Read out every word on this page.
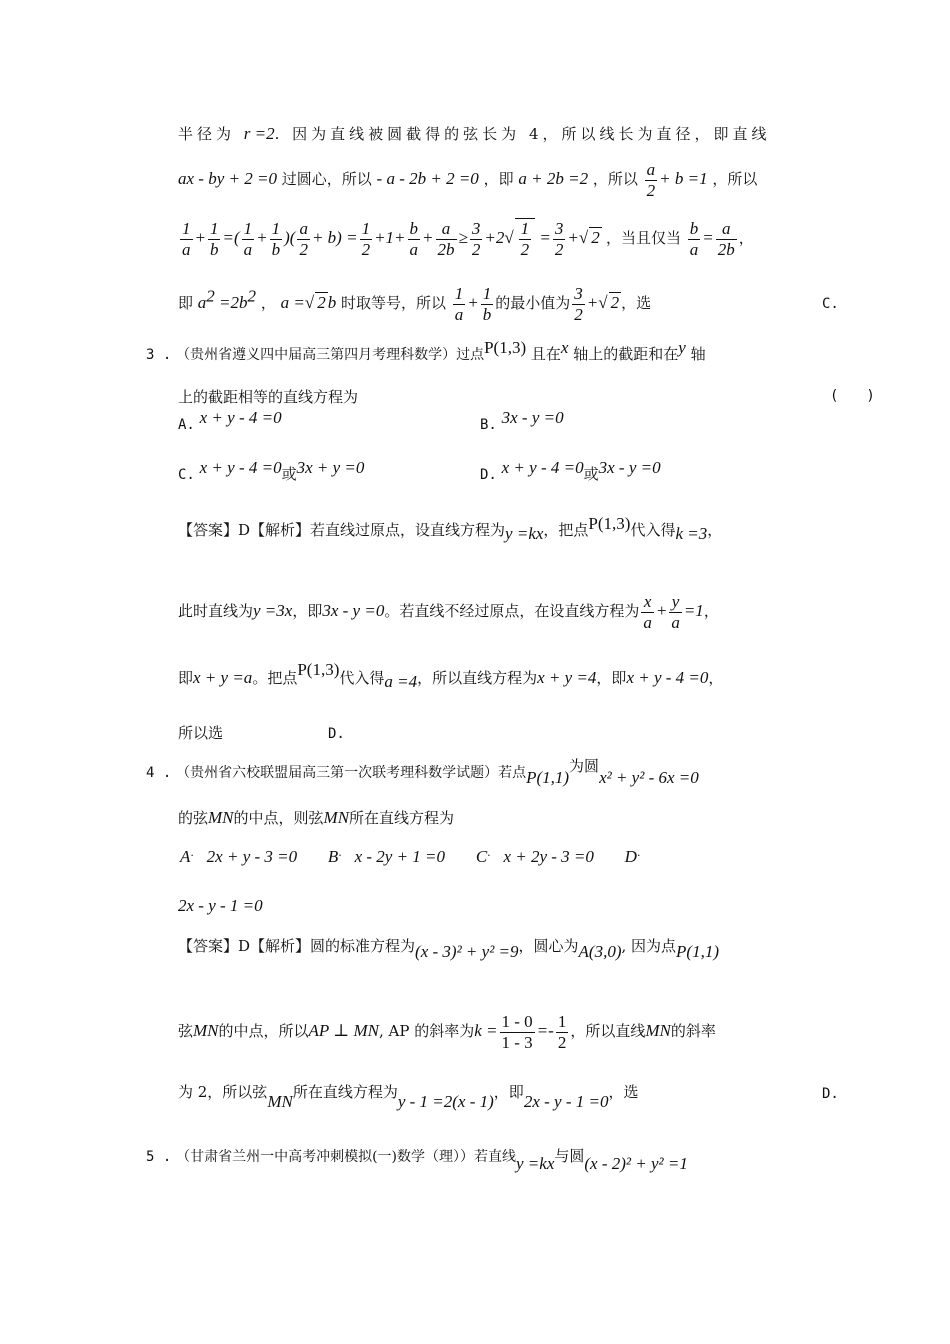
半径为 r =2. 因为直线被圆截得的弦长为 4，所以线长为直径，即直线
ax - by + 2 =0 过圆心，所以 - a - 2b + 2 =0 ，即 a + 2b =2 ，所以 $\frac{a}{2} + b =1$ ，所以
$\frac{1}{a} + \frac{1}{b}$ =( $\frac{1}{a} + \frac{1}{b}$ )( $\frac{a}{2} + b) = \frac{1}{2} +1+ \frac{b}{a} + \frac{a}{2b} \ge \frac{3}{2} +2√ \frac{1}{2} = \frac{3}{2}$ +√ 2 ，当且仅当 $\frac{b}{a} = \frac{a}{2b}$ ，
即 $a^2 =2b^2$ ， a =√ 2 b 时取等号，所以 $\frac{1}{a} + \frac{1}{b}$ 的最小值为 $\frac{3}{2}$ +√ 2 ，选	C.
3 . （贵州省遵义四中届高三第四月考理科数学）过点P(1,3) 且在x 轴上的截距和在y 轴
上的截距相等的直线方程为	(　　)
A. x + y - 4 =0	B. 3x - y =0
C. x + y - 4 =0或3x + y =0	D. x + y - 4 =0或3x - y =0
【答案】D【解析】若直线过原点，设直线方程为y =kx，把点P(1,3)代入得k =3，
此时直线为y =3x，即3x - y =0。若直线不经过原点，在设直线方程为 $\frac{x}{a} + \frac{y}{a} =1$，
即x + y =a。把点P(1,3)代入得a =4，所以直线方程为x + y =4，即x + y - 4 =0，
所以选	D.
4 . （贵州省六校联盟届高三第一次联考理科数学试题）若点P(1,1)为圆x² + y² - 6x =0
的弦MN的中点，则弦MN所在直线方程为
A. 2x + y - 3 =0 B. x - 2y + 1 =0 C. x + 2y - 3 =0 D.
2x - y - 1 =0
【答案】D【解析】圆的标准方程为(x - 3)² + y² =9，圆心为A(3,0), 因为点P(1,1)
弦MN的中点，所以AP ⊥ MN, AP 的斜率为$k = \frac{1 - 0}{1 - 3} =- \frac{1}{2}$ ，所以直线MN的斜率
为 2，所以弦MN所在直线方程为y - 1 =2(x - 1)，即2x - y - 1 =0，选	D.
5 . （甘肃省兰州一中高考冲刺模拟(一)数学（理））若直线y =kx与圆(x - 2)² + y² =1
